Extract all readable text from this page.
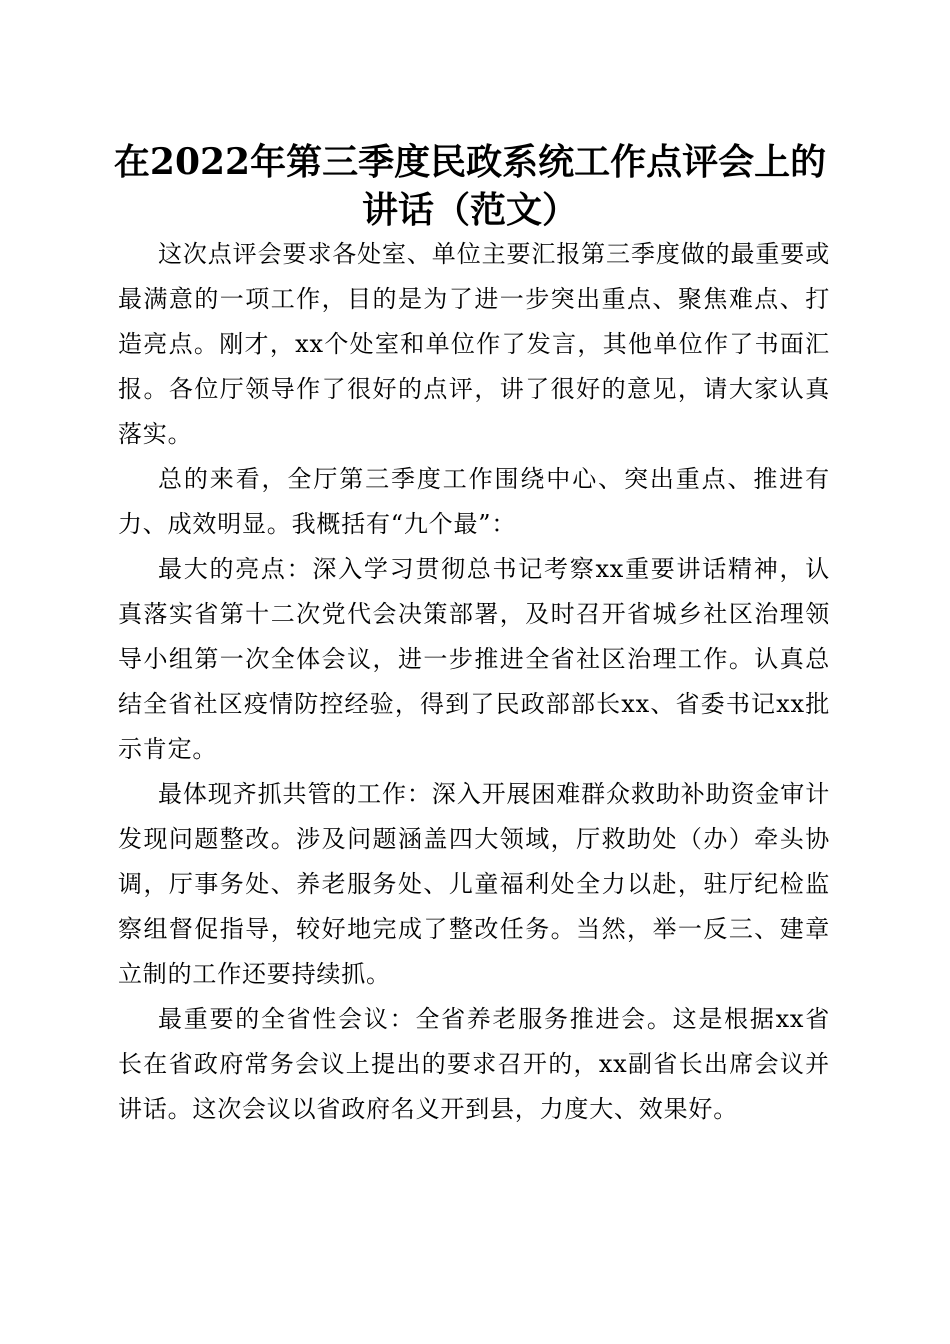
在2022年第三季度民政系统工作点评会上的
讲话（范文）

这次点评会要求各处室、单位主要汇报第三季度做的最重要或最满意的一项工作，目的是为了进一步突出重点、聚焦难点、打造亮点。刚才，xx个处室和单位作了发言，其他单位作了书面汇报。各位厅领导作了很好的点评，讲了很好的意见，请大家认真落实。

总的来看，全厅第三季度工作围绕中心、突出重点、推进有力、成效明显。我概括有“九个最”：

最大的亮点：深入学习贯彻总书记考察xx重要讲话精神，认真落实省第十二次党代会决策部署，及时召开省城乡社区治理领导小组第一次全体会议，进一步推进全省社区治理工作。认真总结全省社区疫情防控经验，得到了民政部部长xx、省委书记xx批示肯定。

最体现齐抓共管的工作：深入开展困难群众救助补助资金审计发现问题整改。涉及问题涵盖四大领域，厅救助处（办）牵头协调，厅事务处、养老服务处、儿童福利处全力以赴，驻厅纪检监察组督促指导，较好地完成了整改任务。当然，举一反三、建章立制的工作还要持续抓。

最重要的全省性会议：全省养老服务推进会。这是根据xx省长在省政府常务会议上提出的要求召开的，xx副省长出席会议并讲话。这次会议以省政府名义开到县，力度大、效果好。
